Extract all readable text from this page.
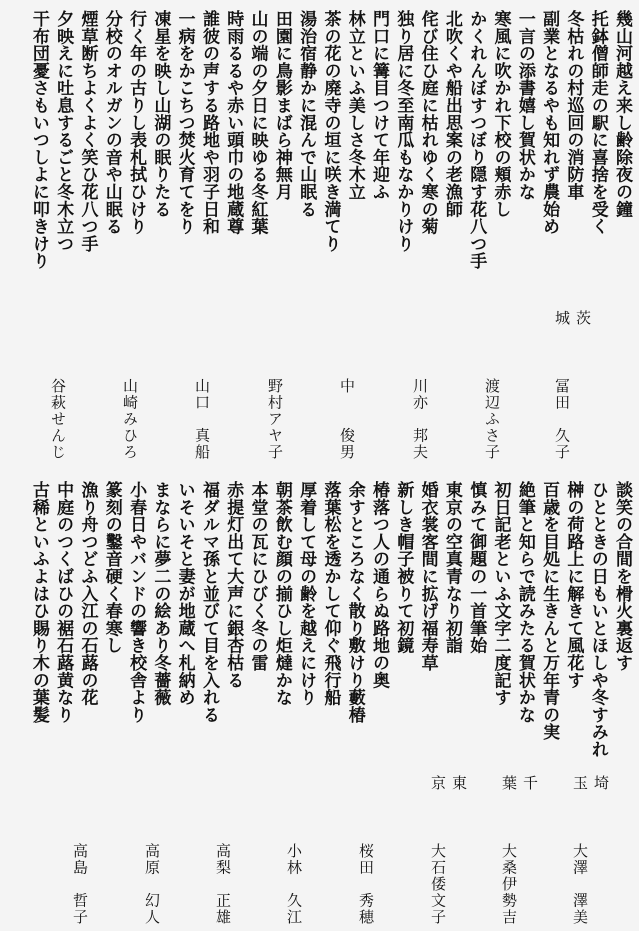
幾山河越え来し齢除夜の鐘
托鉢僧師走の駅に喜捨を受く
冬枯れの村巡回の消防車
副業となるやも知れず農始め
一言の添書嬉し賀状かな
寒風に吹かれ下校の頬赤し
かくれんぼすつぼり隠す花八つ手
北吹くや船出思案の老漁師
侘び住ひ庭に枯れゆく寒の菊
独り居に冬至南瓜もなかりけり
門口に篝目つけて年迎ふ
林立といふ美しさ冬木立
茶の花の廃寺の垣に咲き満てり
湯治宿静かに混んで山眠る
田園に鳥影まばら神無月
山の端の夕日に映ゆる冬紅葉
時雨るるや赤い頭巾の地蔵尊
誰彼の声する路地や羽子日和
一病をかこちつ焚火育てをり
凍星を映し山湖の眠りたる
行く年の古りし表札拭ひけり
分校のオルガンの音や山眠る
煙草断ちよくよく笑ひ花八つ手
夕映えに吐息するごと冬木立つ
干布団憂さもいつしよに叩きけり
茨城
冨田　久子
渡辺ふさ子
川亦　邦夫
中　　俊男
野村アヤ子
山口　真船
山崎みひろ
谷萩せんじ
談笑の合間を榾火裏返す
ひとときの日もいとほしや冬すみれ
榊の荷路上に解きて風花す
百歳を目処に生きんと万年青の実
絶筆と知らで読みたる賀状かな
初日記老といふ文字二度記す
慎みて御題の一首筆始
東京の空真青なり初詣
婚衣裳客間に拡げ福寿草
新しき帽子被りて初鏡
椿落つ人の通らぬ路地の奥
余すところなく散り敷けり藪椿
落葉松を透かして仰ぐ飛行船
厚着して母の齢を越えにけり
朝茶飲む顔の揃ひし炬燵かな
本堂の瓦にひびく冬の雷
赤提灯出て大声に銀杏枯る
福ダルマ孫と並びて目を入れる
いそいそと妻が地蔵へ札納め
まならに夢二の絵あり冬薔薇
小春日やバンドの響き校舎より
篆刻の鑿音硬く春寒し
漁り舟つどふ入江の石蕗の花
中庭のつくばひの裾石蕗黄なり
古稀といふよはひ賜り木の葉髪
埼玉
大澤　澤美
千葉
大桑伊勢吉
東京
大石倭文子
桜田　秀穂
小林　久江
高梨　正雄
高原　幻人
高島　哲子
